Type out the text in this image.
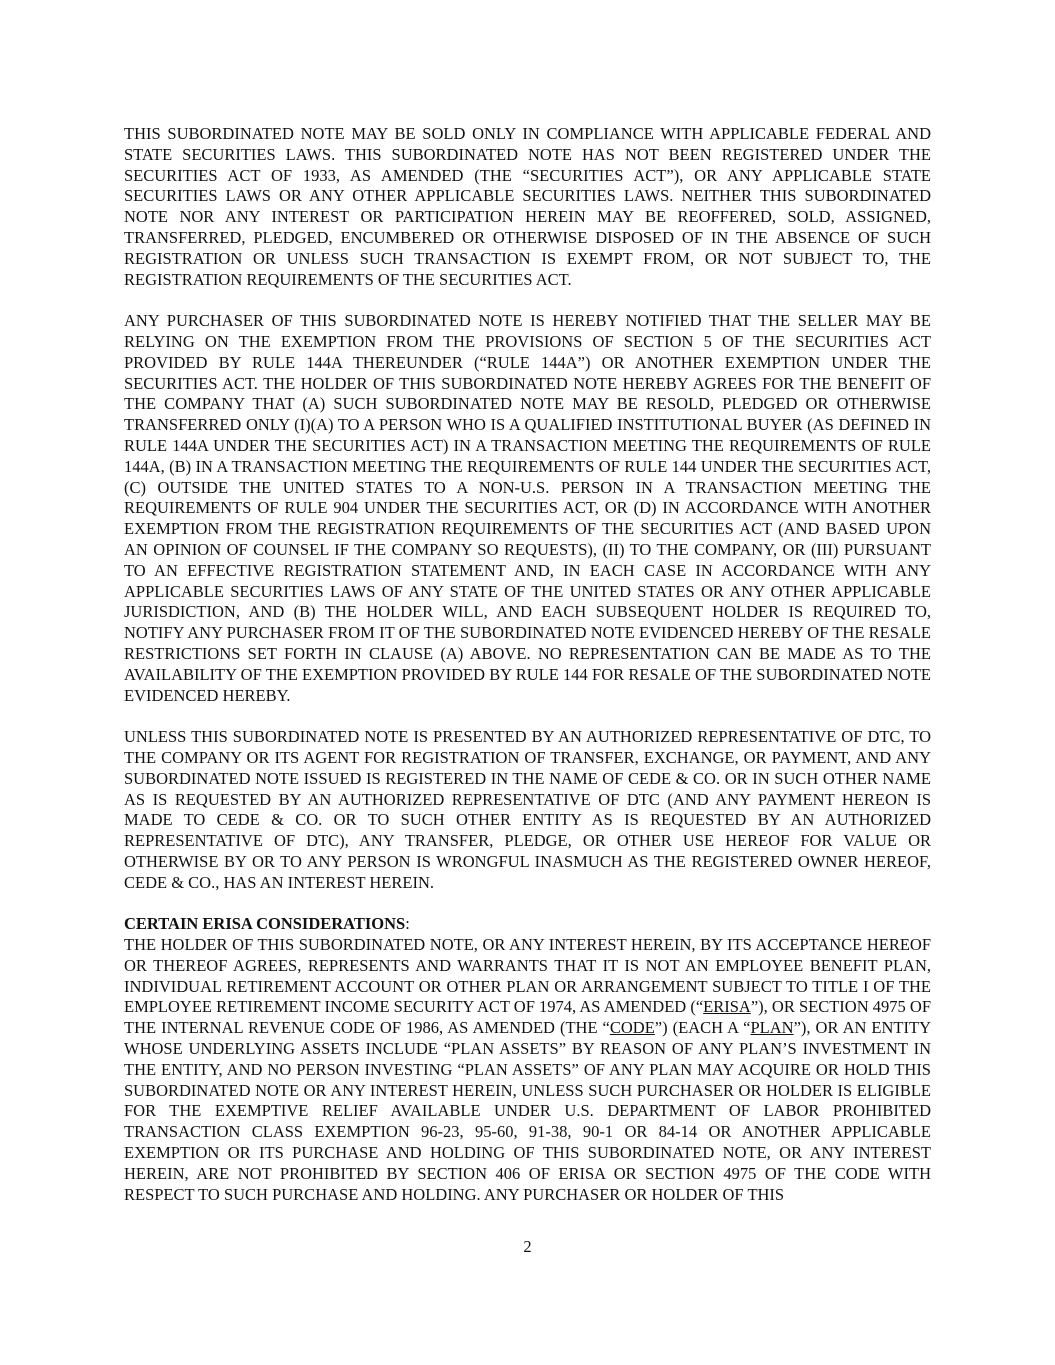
THIS SUBORDINATED NOTE MAY BE SOLD ONLY IN COMPLIANCE WITH APPLICABLE FEDERAL AND STATE SECURITIES LAWS. THIS SUBORDINATED NOTE HAS NOT BEEN REGISTERED UNDER THE SECURITIES ACT OF 1933, AS AMENDED (THE “SECURITIES ACT”), OR ANY APPLICABLE STATE SECURITIES LAWS OR ANY OTHER APPLICABLE SECURITIES LAWS. NEITHER THIS SUBORDINATED NOTE NOR ANY INTEREST OR PARTICIPATION HEREIN MAY BE REOFFERED, SOLD, ASSIGNED, TRANSFERRED, PLEDGED, ENCUMBERED OR OTHERWISE DISPOSED OF IN THE ABSENCE OF SUCH REGISTRATION OR UNLESS SUCH TRANSACTION IS EXEMPT FROM, OR NOT SUBJECT TO, THE REGISTRATION REQUIREMENTS OF THE SECURITIES ACT.

ANY PURCHASER OF THIS SUBORDINATED NOTE IS HEREBY NOTIFIED THAT THE SELLER MAY BE RELYING ON THE EXEMPTION FROM THE PROVISIONS OF SECTION 5 OF THE SECURITIES ACT PROVIDED BY RULE 144A THEREUNDER (“RULE 144A”) OR ANOTHER EXEMPTION UNDER THE SECURITIES ACT. THE HOLDER OF THIS SUBORDINATED NOTE HEREBY AGREES FOR THE BENEFIT OF THE COMPANY THAT (A) SUCH SUBORDINATED NOTE MAY BE RESOLD, PLEDGED OR OTHERWISE TRANSFERRED ONLY (I)(A) TO A PERSON WHO IS A QUALIFIED INSTITUTIONAL BUYER (AS DEFINED IN RULE 144A UNDER THE SECURITIES ACT) IN A TRANSACTION MEETING THE REQUIREMENTS OF RULE 144A, (B) IN A TRANSACTION MEETING THE REQUIREMENTS OF RULE 144 UNDER THE SECURITIES ACT, (C) OUTSIDE THE UNITED STATES TO A NON-U.S. PERSON IN A TRANSACTION MEETING THE REQUIREMENTS OF RULE 904 UNDER THE SECURITIES ACT, OR (D) IN ACCORDANCE WITH ANOTHER EXEMPTION FROM THE REGISTRATION REQUIREMENTS OF THE SECURITIES ACT (AND BASED UPON AN OPINION OF COUNSEL IF THE COMPANY SO REQUESTS), (II) TO THE COMPANY, OR (III) PURSUANT TO AN EFFECTIVE REGISTRATION STATEMENT AND, IN EACH CASE IN ACCORDANCE WITH ANY APPLICABLE SECURITIES LAWS OF ANY STATE OF THE UNITED STATES OR ANY OTHER APPLICABLE JURISDICTION, AND (B) THE HOLDER WILL, AND EACH SUBSEQUENT HOLDER IS REQUIRED TO, NOTIFY ANY PURCHASER FROM IT OF THE SUBORDINATED NOTE EVIDENCED HEREBY OF THE RESALE RESTRICTIONS SET FORTH IN CLAUSE (A) ABOVE. NO REPRESENTATION CAN BE MADE AS TO THE AVAILABILITY OF THE EXEMPTION PROVIDED BY RULE 144 FOR RESALE OF THE SUBORDINATED NOTE EVIDENCED HEREBY.

UNLESS THIS SUBORDINATED NOTE IS PRESENTED BY AN AUTHORIZED REPRESENTATIVE OF DTC, TO THE COMPANY OR ITS AGENT FOR REGISTRATION OF TRANSFER, EXCHANGE, OR PAYMENT, AND ANY SUBORDINATED NOTE ISSUED IS REGISTERED IN THE NAME OF CEDE & CO. OR IN SUCH OTHER NAME AS IS REQUESTED BY AN AUTHORIZED REPRESENTATIVE OF DTC (AND ANY PAYMENT HEREON IS MADE TO CEDE & CO. OR TO SUCH OTHER ENTITY AS IS REQUESTED BY AN AUTHORIZED REPRESENTATIVE OF DTC), ANY TRANSFER, PLEDGE, OR OTHER USE HEREOF FOR VALUE OR OTHERWISE BY OR TO ANY PERSON IS WRONGFUL INASMUCH AS THE REGISTERED OWNER HEREOF, CEDE & CO., HAS AN INTEREST HEREIN.

CERTAIN ERISA CONSIDERATIONS:

THE HOLDER OF THIS SUBORDINATED NOTE, OR ANY INTEREST HEREIN, BY ITS ACCEPTANCE HEREOF OR THEREOF AGREES, REPRESENTS AND WARRANTS THAT IT IS NOT AN EMPLOYEE BENEFIT PLAN, INDIVIDUAL RETIREMENT ACCOUNT OR OTHER PLAN OR ARRANGEMENT SUBJECT TO TITLE I OF THE EMPLOYEE RETIREMENT INCOME SECURITY ACT OF 1974, AS AMENDED (“ERISA”), OR SECTION 4975 OF THE INTERNAL REVENUE CODE OF 1986, AS AMENDED (THE “CODE”) (EACH A “PLAN”), OR AN ENTITY WHOSE UNDERLYING ASSETS INCLUDE “PLAN ASSETS” BY REASON OF ANY PLAN’S INVESTMENT IN THE ENTITY, AND NO PERSON INVESTING “PLAN ASSETS” OF ANY PLAN MAY ACQUIRE OR HOLD THIS SUBORDINATED NOTE OR ANY INTEREST HEREIN, UNLESS SUCH PURCHASER OR HOLDER IS ELIGIBLE FOR THE EXEMPTIVE RELIEF AVAILABLE UNDER U.S. DEPARTMENT OF LABOR PROHIBITED TRANSACTION CLASS EXEMPTION 96-23, 95-60, 91-38, 90-1 OR 84-14 OR ANOTHER APPLICABLE EXEMPTION OR ITS PURCHASE AND HOLDING OF THIS SUBORDINATED NOTE, OR ANY INTEREST HEREIN, ARE NOT PROHIBITED BY SECTION 406 OF ERISA OR SECTION 4975 OF THE CODE WITH RESPECT TO SUCH PURCHASE AND HOLDING. ANY PURCHASER OR HOLDER OF THIS

2
